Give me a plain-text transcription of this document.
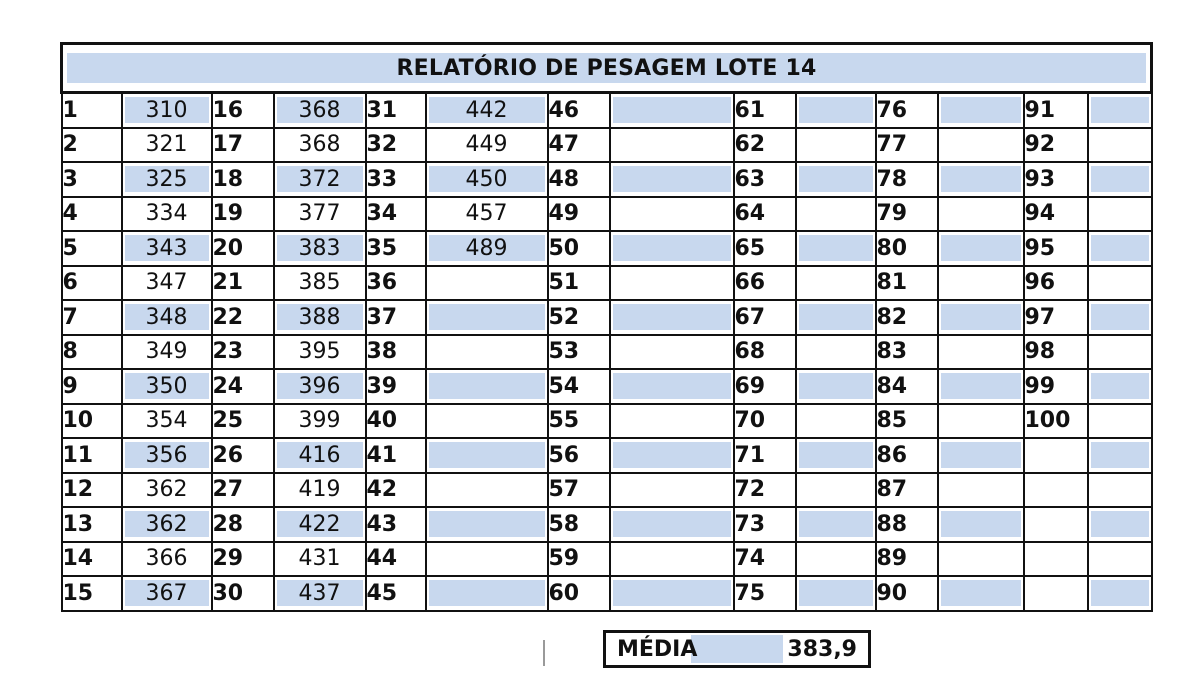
RELATÓRIO DE PESAGEM LOTE 14													

1	310	16	368	31	442	46		61		76		91	

2	321	17	368	32	449	47		62		77		92	

3	325	18	372	33	450	48		63		78		93	

4	334	19	377	34	457	49		64		79		94	

5	343	20	383	35	489	50		65		80		95	

6	347	21	385	36		51		66		81		96	

7	348	22	388	37		52		67		82		97	

8	349	23	395	38		53		68		83		98	

9	350	24	396	39		54		69		84		99	

10	354	25	399	40		55		70		85		100	

11	356	26	416	41		56		71		86	

12	362	27	419	42		57		72		87	

13	362	28	422	43		58		73		88	

14	366	29	431	44		59		74		89	

15	367	30	437	45		60		75		90	

MÉDIA	383,9
